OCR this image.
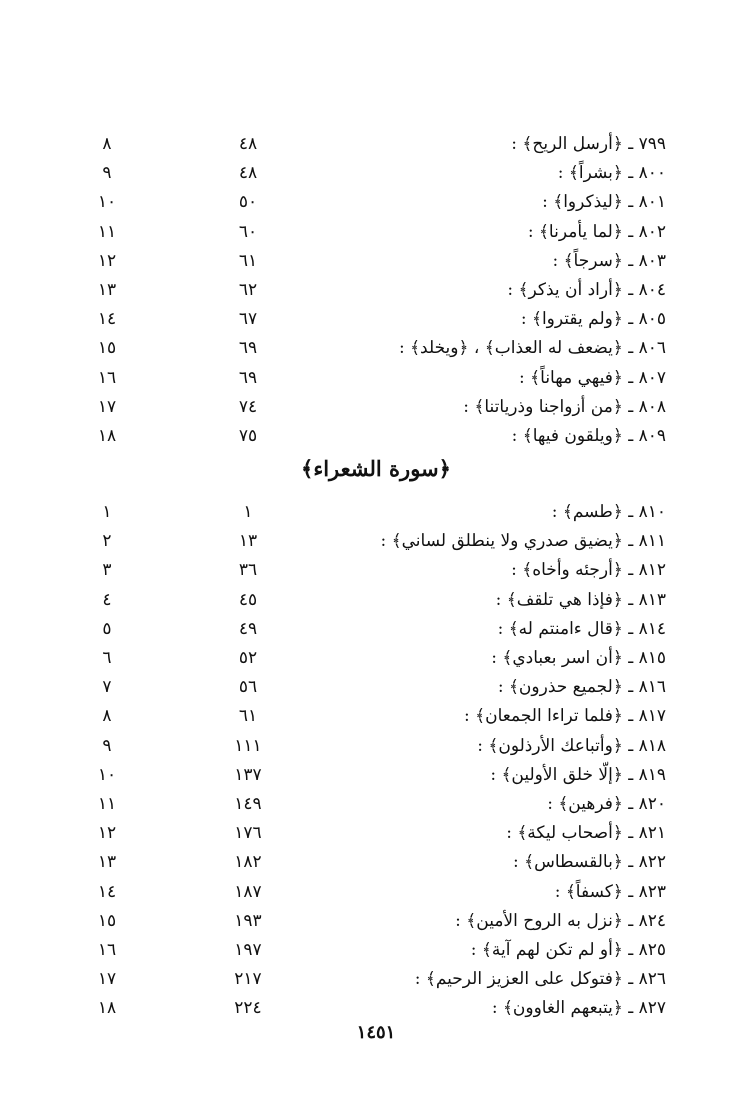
٧٩٩ ـ ﴿أرسل الريح﴾ :
٤٨
٨
٨٠٠ ـ ﴿بشراً﴾ :
٤٨
٩
٨٠١ ـ ﴿ليذكروا﴾ :
٥٠
١٠
٨٠٢ ـ ﴿لما يأمرنا﴾ :
٦٠
١١
٨٠٣ ـ ﴿سرجاً﴾ :
٦١
١٢
٨٠٤ ـ ﴿أراد أن يذكر﴾ :
٦٢
١٣
٨٠٥ ـ ﴿ولم يقتروا﴾ :
٦٧
١٤
٨٠٦ ـ ﴿يضعف له العذاب﴾ ، ﴿ويخلد﴾ :
٦٩
١٥
٨٠٧ ـ ﴿فيهي مهاناً﴾ :
٦٩
١٦
٨٠٨ ـ ﴿من أزواجنا وذرياتنا﴾ :
٧٤
١٧
٨٠٩ ـ ﴿ويلقون فيها﴾ :
٧٥
١٨
﴿سورة الشعراء﴾
٨١٠ ـ ﴿طسم﴾ :
١
١
٨١١ ـ ﴿يضيق صدري ولا ينطلق لساني﴾ :
١٣
٢
٨١٢ ـ ﴿أرجئه وأخاه﴾ :
٣٦
٣
٨١٣ ـ ﴿فإذا هي تلقف﴾ :
٤٥
٤
٨١٤ ـ ﴿قال ءامنتم له﴾ :
٤٩
٥
٨١٥ ـ ﴿أن اسر بعبادي﴾ :
٥٢
٦
٨١٦ ـ ﴿لجميع حذرون﴾ :
٥٦
٧
٨١٧ ـ ﴿فلما تراءا الجمعان﴾ :
٦١
٨
٨١٨ ـ ﴿وأتباعك الأرذلون﴾ :
١١١
٩
٨١٩ ـ ﴿إلّا خلق الأولين﴾ :
١٣٧
١٠
٨٢٠ ـ ﴿فرهين﴾ :
١٤٩
١١
٨٢١ ـ ﴿أصحاب ليكة﴾ :
١٧٦
١٢
٨٢٢ ـ ﴿بالقسطاس﴾ :
١٨٢
١٣
٨٢٣ ـ ﴿كسفاً﴾ :
١٨٧
١٤
٨٢٤ ـ ﴿نزل به الروح الأمين﴾ :
١٩٣
١٥
٨٢٥ ـ ﴿أو لم تكن لهم آية﴾ :
١٩٧
١٦
٨٢٦ ـ ﴿فتوكل على العزيز الرحيم﴾ :
٢١٧
١٧
٨٢٧ ـ ﴿يتبعهم الغاوون﴾ :
٢٢٤
١٨
١٤٥١
